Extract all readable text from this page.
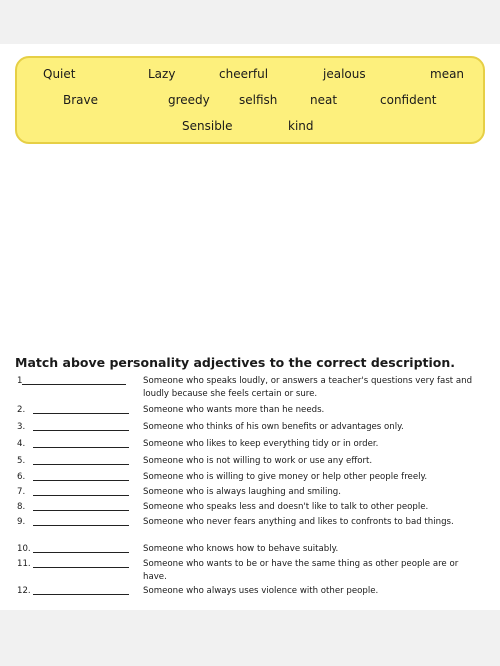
Quiet	Lazy	cheerful	jealous	mean
Brave	greedy selfish	neat	confident
Sensible	kind
Match above personality adjectives to the correct description.
1	Someone who speaks loudly, or answers a teacher's questions very fast and loudly because she feels certain or sure.
2.	Someone who wants more than he needs.
3.	Someone who thinks of his own benefits or advantages only.
4.	Someone who likes to keep everything tidy or in order.
5.	Someone who is not willing to work or use any effort.
6.	Someone who is willing to give money or help other people freely.
7.	Someone who is always laughing and smiling.
8.	Someone who speaks less and doesn't like to talk to other people.
9.	Someone who never fears anything and likes to confronts to bad things.
10.	Someone who knows how to behave suitably.
11.	Someone who wants to be or have the same thing as other people are or have.
12.	Someone who always uses violence with other people.
